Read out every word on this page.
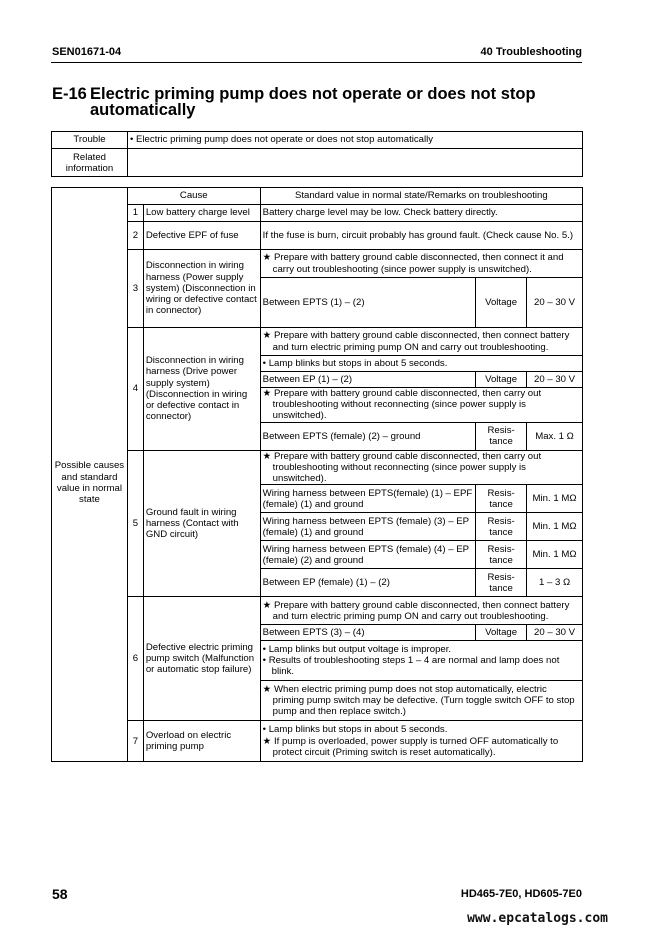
SEN01671-04	40 Troubleshooting
E-16 Electric priming pump does not operate or does not stop
automatically
Trouble	• Electric priming pump does not operate or does not stop automatically

Related
information	
	Cause		Standard value in normal state/Remarks on troubleshooting		
Possible causes and standard value in normal state	1	Low battery charge level	Battery charge level may be low. Check battery directly.		
	2	Defective EPF of fuse	If the fuse is burn, circuit probably has ground fault. (Check cause No. 5.)		
	3	Disconnection in wiring harness (Power supply system) (Disconnection in wiring or defective contact in connector)	★ Prepare with battery ground cable disconnected, then connect it and carry out troubleshooting (since power supply is unswitched).		

			Between EPTS (1) – (2)	Voltage	20 – 30 V
	4	Disconnection in wiring harness (Drive power supply system) (Disconnection in wiring or defective contact in connector)	★ Prepare with battery ground cable disconnected, then connect battery and turn electric priming pump ON and carry out troubleshooting.		

			• Lamp blinks but stops in about 5 seconds.		

			Between EP (1) – (2)	Voltage	20 – 30 V

			★ Prepare with battery ground cable disconnected, then carry out troubleshooting without reconnecting (since power supply is unswitched).		

			Between EPTS (female) (2) – ground	Resis-
tance	Max. 1 Ω
	5	Ground fault in wiring harness (Contact with GND circuit)	★ Prepare with battery ground cable disconnected, then carry out troubleshooting without reconnecting (since power supply is unswitched).		

			Wiring harness between EPTS(female) (1) – EPF (female) (1) and ground	Resis-
tance	Min. 1 MΩ
			Wiring harness between EPTS (female) (3) – EP (female) (1) and ground	Resis-
tance	Min. 1 MΩ
			Wiring harness between EPTS (female) (4) – EP (female) (2) and ground	Resis-
tance	Min. 1 MΩ
			Between EP (female) (1) – (2)	Resis-
tance	1 – 3 Ω
	6	Defective electric priming pump switch (Malfunction or automatic stop failure)	★ Prepare with battery ground cable disconnected, then connect battery and turn electric priming pump ON and carry out troubleshooting.		

			Between EPTS (3) – (4)	Voltage	20 – 30 V

			• Lamp blinks but output voltage is improper.
• Results of troubleshooting steps 1 – 4 are normal and lamp does not blink.		

			★ When electric priming pump does not stop automatically, electric priming pump switch may be defective. (Turn toggle switch OFF to stop pump and then replace switch.)		

	7	Overload on electric priming pump	• Lamp blinks but stops in about 5 seconds.
★ If pump is overloaded, power supply is turned OFF automatically to protect circuit (Priming switch is reset automatically).		
58	HD465-7E0, HD605-7E0
www.epcatalogs.com
